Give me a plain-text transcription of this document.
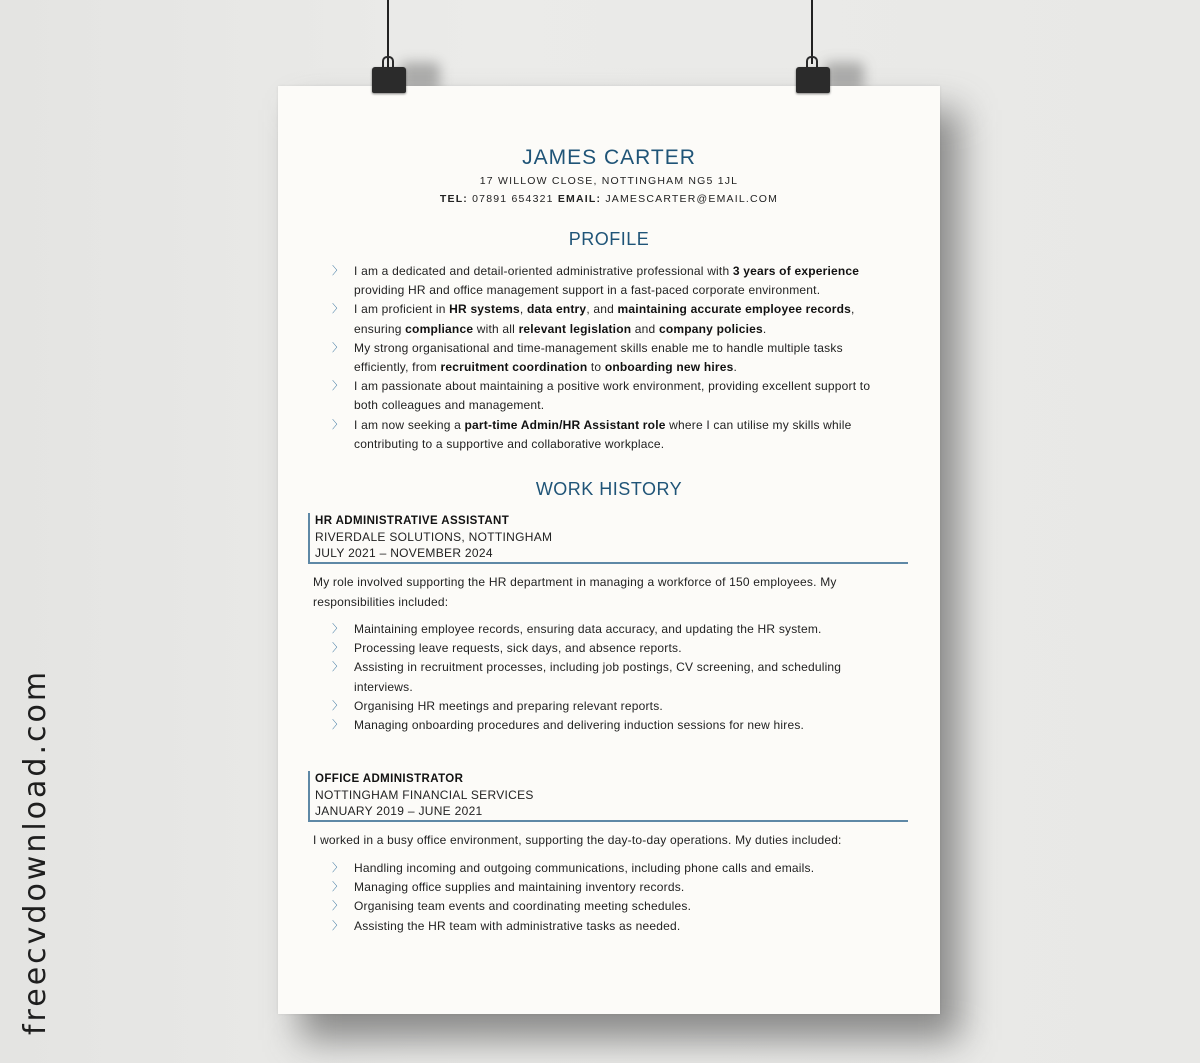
freecvdownload.com
JAMES CARTER
17 WILLOW CLOSE, NOTTINGHAM NG5 1JL
TEL: 07891 654321 EMAIL: JAMESCARTER@EMAIL.COM
PROFILE
〉 I am a dedicated and detail-oriented administrative professional with 3 years of experience providing HR and office management support in a fast-paced corporate environment.
〉 I am proficient in HR systems, data entry, and maintaining accurate employee records, ensuring compliance with all relevant legislation and company policies.
〉 My strong organisational and time-management skills enable me to handle multiple tasks efficiently, from recruitment coordination to onboarding new hires.
〉 I am passionate about maintaining a positive work environment, providing excellent support to both colleagues and management.
〉 I am now seeking a part-time Admin/HR Assistant role where I can utilise my skills while contributing to a supportive and collaborative workplace.
WORK HISTORY
HR ADMINISTRATIVE ASSISTANT
RIVERDALE SOLUTIONS, NOTTINGHAM
JULY 2021 – NOVEMBER 2024
My role involved supporting the HR department in managing a workforce of 150 employees. My responsibilities included:
〉 Maintaining employee records, ensuring data accuracy, and updating the HR system.
〉 Processing leave requests, sick days, and absence reports.
〉 Assisting in recruitment processes, including job postings, CV screening, and scheduling interviews.
〉 Organising HR meetings and preparing relevant reports.
〉 Managing onboarding procedures and delivering induction sessions for new hires.
OFFICE ADMINISTRATOR
NOTTINGHAM FINANCIAL SERVICES
JANUARY 2019 – JUNE 2021
I worked in a busy office environment, supporting the day-to-day operations. My duties included:
〉 Handling incoming and outgoing communications, including phone calls and emails.
〉 Managing office supplies and maintaining inventory records.
〉 Organising team events and coordinating meeting schedules.
〉 Assisting the HR team with administrative tasks as needed.
